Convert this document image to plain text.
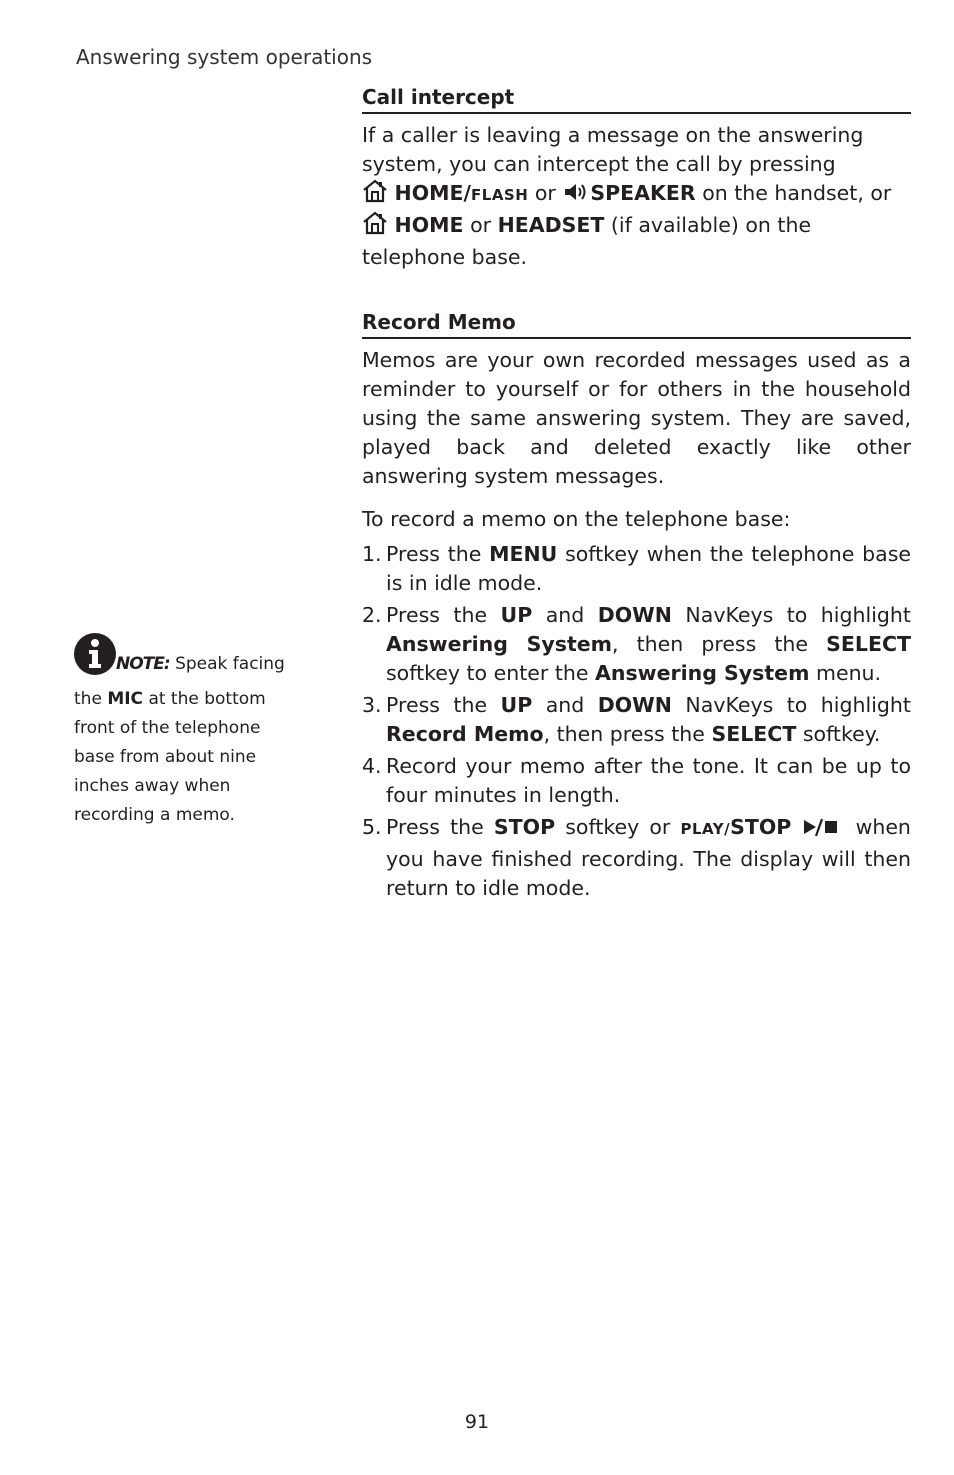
Answering system operations
Call intercept

If a caller is leaving a message on the answering system, you can intercept the call by pressing
HOME/FLASH or SPEAKER on the handset, or  HOME or HEADSET (if available) on the telephone base.

Record Memo

Memos are your own recorded messages used as a reminder to yourself or for others in the household using the same answering system. They are saved, played back and deleted exactly like other answering system messages.

To record a memo on the telephone base:

1. Press the MENU softkey when the telephone base is in idle mode.
2. Press the UP and DOWN NavKeys to highlight Answering System, then press the SELECT softkey to enter the Answering System menu.
3. Press the UP and DOWN NavKeys to highlight Record Memo, then press the SELECT softkey.
4. Record your memo after the tone. It can be up to four minutes in length.
5. Press the STOP softkey or PLAY/STOP	when you have finished recording. The display will then return to idle mode.
NOTE: Speak facing the MIC at the bottom front of the telephone base from about nine inches away when recording a memo.
91
